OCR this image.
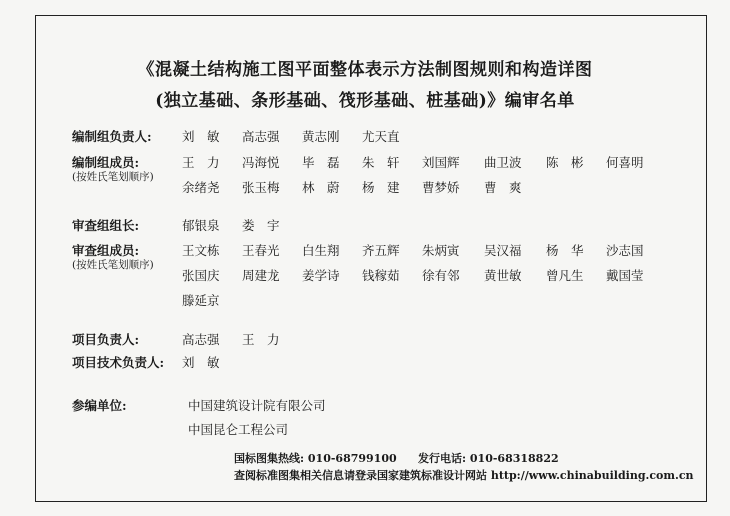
《混凝土结构施工图平面整体表示方法制图规则和构造详图
(独立基础、条形基础、筏形基础、桩基础)》编审名单
编制组负责人: 刘　敏 高志强 黄志刚 尤天直
编制组成员:
(按姓氏笔划顺序)
王　力 冯海悦 毕　磊 朱　轩 刘国辉 曲卫波 陈　彬 何喜明
余绪尧 张玉梅 林　蔚 杨　建 曹梦娇 曹　爽
审查组组长:	郁银泉 娄　宇
审查组成员:
(按姓氏笔划顺序)
王文栋 王春光 白生翔 齐五辉 朱炳寅 吴汉福 杨　华 沙志国
张国庆 周建龙 姜学诗 钱稼茹 徐有邻 黄世敏 曾凡生 戴国莹
滕延京
项目负责人:	高志强 王　力
项目技术负责人: 刘　敏
参编单位:	中国建筑设计院有限公司
中国昆仑工程公司
国标图集热线: 010-68799100 发行电话: 010-68318822
查阅标准图集相关信息请登录国家建筑标准设计网站 http://www.chinabuilding.com.cn
